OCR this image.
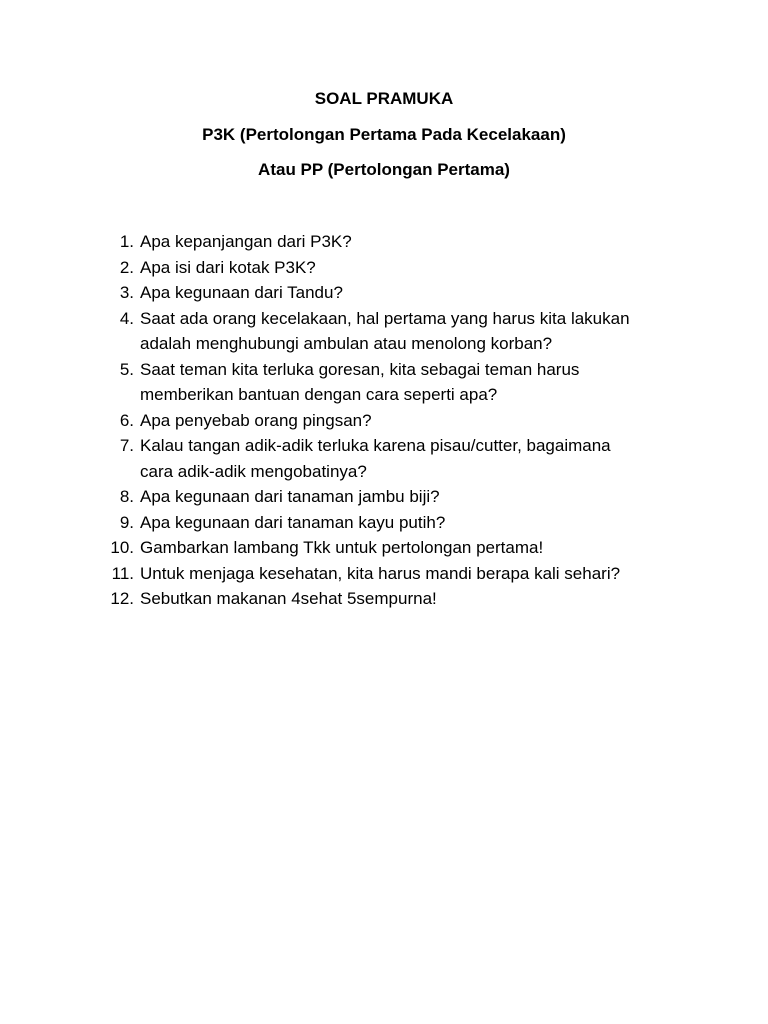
SOAL PRAMUKA
P3K (Pertolongan Pertama Pada Kecelakaan)
Atau PP (Pertolongan Pertama)
1. Apa kepanjangan dari P3K?
2. Apa isi dari kotak P3K?
3. Apa kegunaan dari Tandu?
4. Saat ada orang kecelakaan, hal pertama yang harus kita lakukan
adalah menghubungi ambulan atau menolong korban?
5. Saat teman kita terluka goresan, kita sebagai teman harus
memberikan bantuan dengan cara seperti apa?
6. Apa penyebab orang pingsan?
7. Kalau tangan adik-adik terluka karena pisau/cutter, bagaimana
cara adik-adik mengobatinya?
8. Apa kegunaan dari tanaman jambu biji?
9. Apa kegunaan dari tanaman kayu putih?
10. Gambarkan lambang Tkk untuk pertolongan pertama!
11. Untuk menjaga kesehatan, kita harus mandi berapa kali sehari?
12. Sebutkan makanan 4sehat 5sempurna!
